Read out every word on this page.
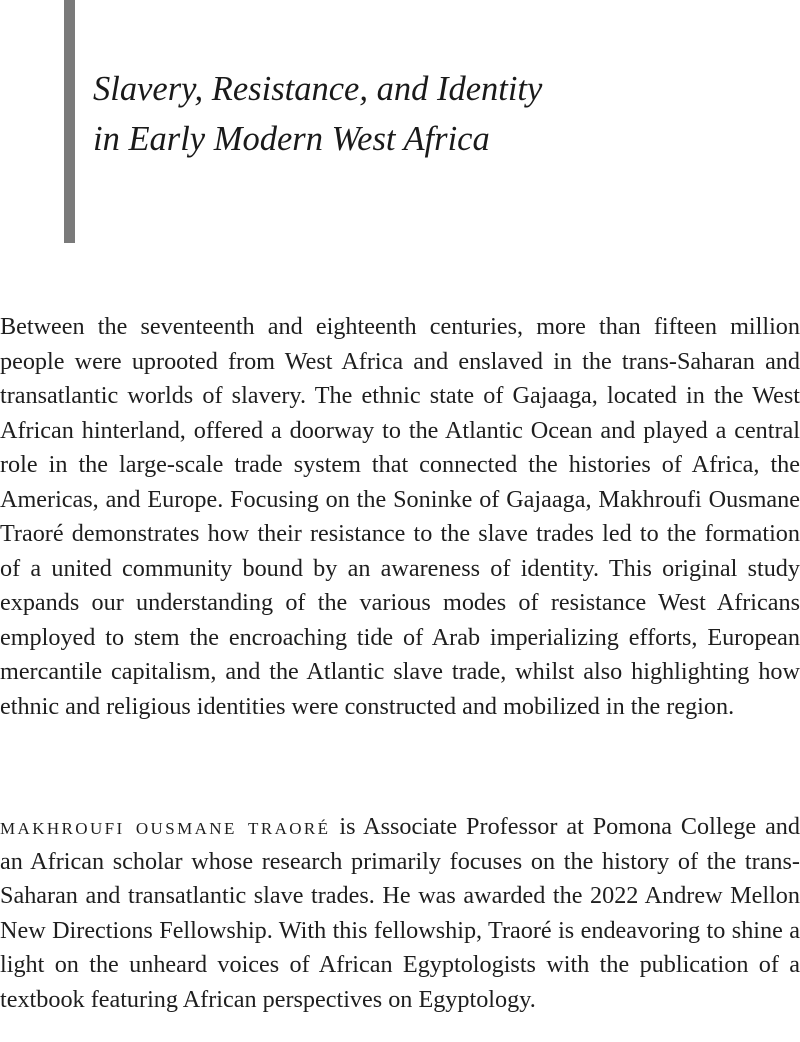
Slavery, Resistance, and Identity
in Early Modern West Africa

Between the seventeenth and eighteenth centuries, more than fifteen million people were uprooted from West Africa and enslaved in the trans-Saharan and transatlantic worlds of slavery. The ethnic state of Gajaaga, located in the West African hinterland, offered a doorway to the Atlantic Ocean and played a central role in the large-scale trade system that connected the histories of Africa, the Americas, and Europe. Focusing on the Soninke of Gajaaga, Makhroufi Ousmane Traoré demonstrates how their resistance to the slave trades led to the formation of a united community bound by an awareness of identity. This original study expands our understanding of the various modes of resistance West Africans employed to stem the encroaching tide of Arab imperializing efforts, European mercantile capitalism, and the Atlantic slave trade, whilst also highlighting how ethnic and religious identities were constructed and mobilized in the region.

makhroufi ousmane traoré is Associate Professor at Pomona College and an African scholar whose research primarily focuses on the history of the trans-Saharan and transatlantic slave trades. He was awarded the 2022 Andrew Mellon New Directions Fellowship. With this fellowship, Traoré is endeavoring to shine a light on the unheard voices of African Egyptologists with the publication of a textbook featuring African perspectives on Egyptology.
